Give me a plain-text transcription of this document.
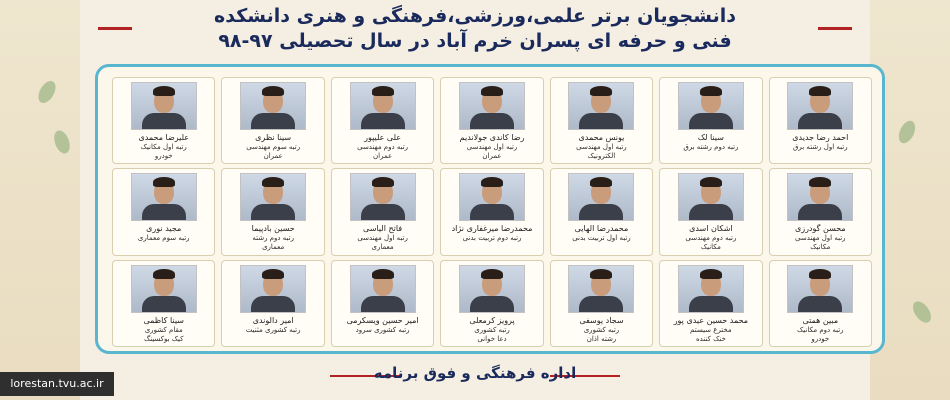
دانشجویان برتر علمی،ورزشی،فرهنگی و هنری دانشکده
فنی و حرفه ای پسران خرم آباد در سال تحصیلی ۹۷-۹۸
احمد رضا جدیدی
رتبه اول رشته برق
سینا لک
رتبه دوم رشته برق
یونس محمدی
رتبه اول مهندسی
الکترونیک
رضا کاندی جولاندیم
رتبه اول مهندسی
عمران
علی علیپور
رتبه دوم مهندسی
عمران
سینا نظری
رتبه سوم مهندسی
عمران
علیرضا محمدی
رتبه اول مکانیک
خودرو
محسن گودرزی
رتبه اول مهندسی
مکانیک
اشکان اسدی
رتبه دوم مهندسی
مکانیک
محمدرضا الهایی
رتبه اول تربیت بدنی
محمدرضا میرغفاری نژاد
رتبه دوم تربیت بدنی
فاتح الیاسی
رتبه اول مهندسی
معماری
حسین بادپیما
رتبه دوم رشته
معماری
مجید نوری
رتبه سوم معماری
مبین همتی
رتبه دوم مکانیک
خودرو
محمد حسین عیدی پور
مخترع سیستم
خنک کننده
سجاد یوسفی
رتبه کشوری
رشته اذان
پرویز کرمعلی
رتبه کشوری
دعا خوانی
امیر حسین ویسکرمی
رتبه کشوری سرود
امیر دالوندی
رتبه کشوری مثنیت
سینا کاظمی
مقام کشوری
کیک بوکسینگ
اداره فرهنگی و فوق برنامه
lorestan.tvu.ac.ir
